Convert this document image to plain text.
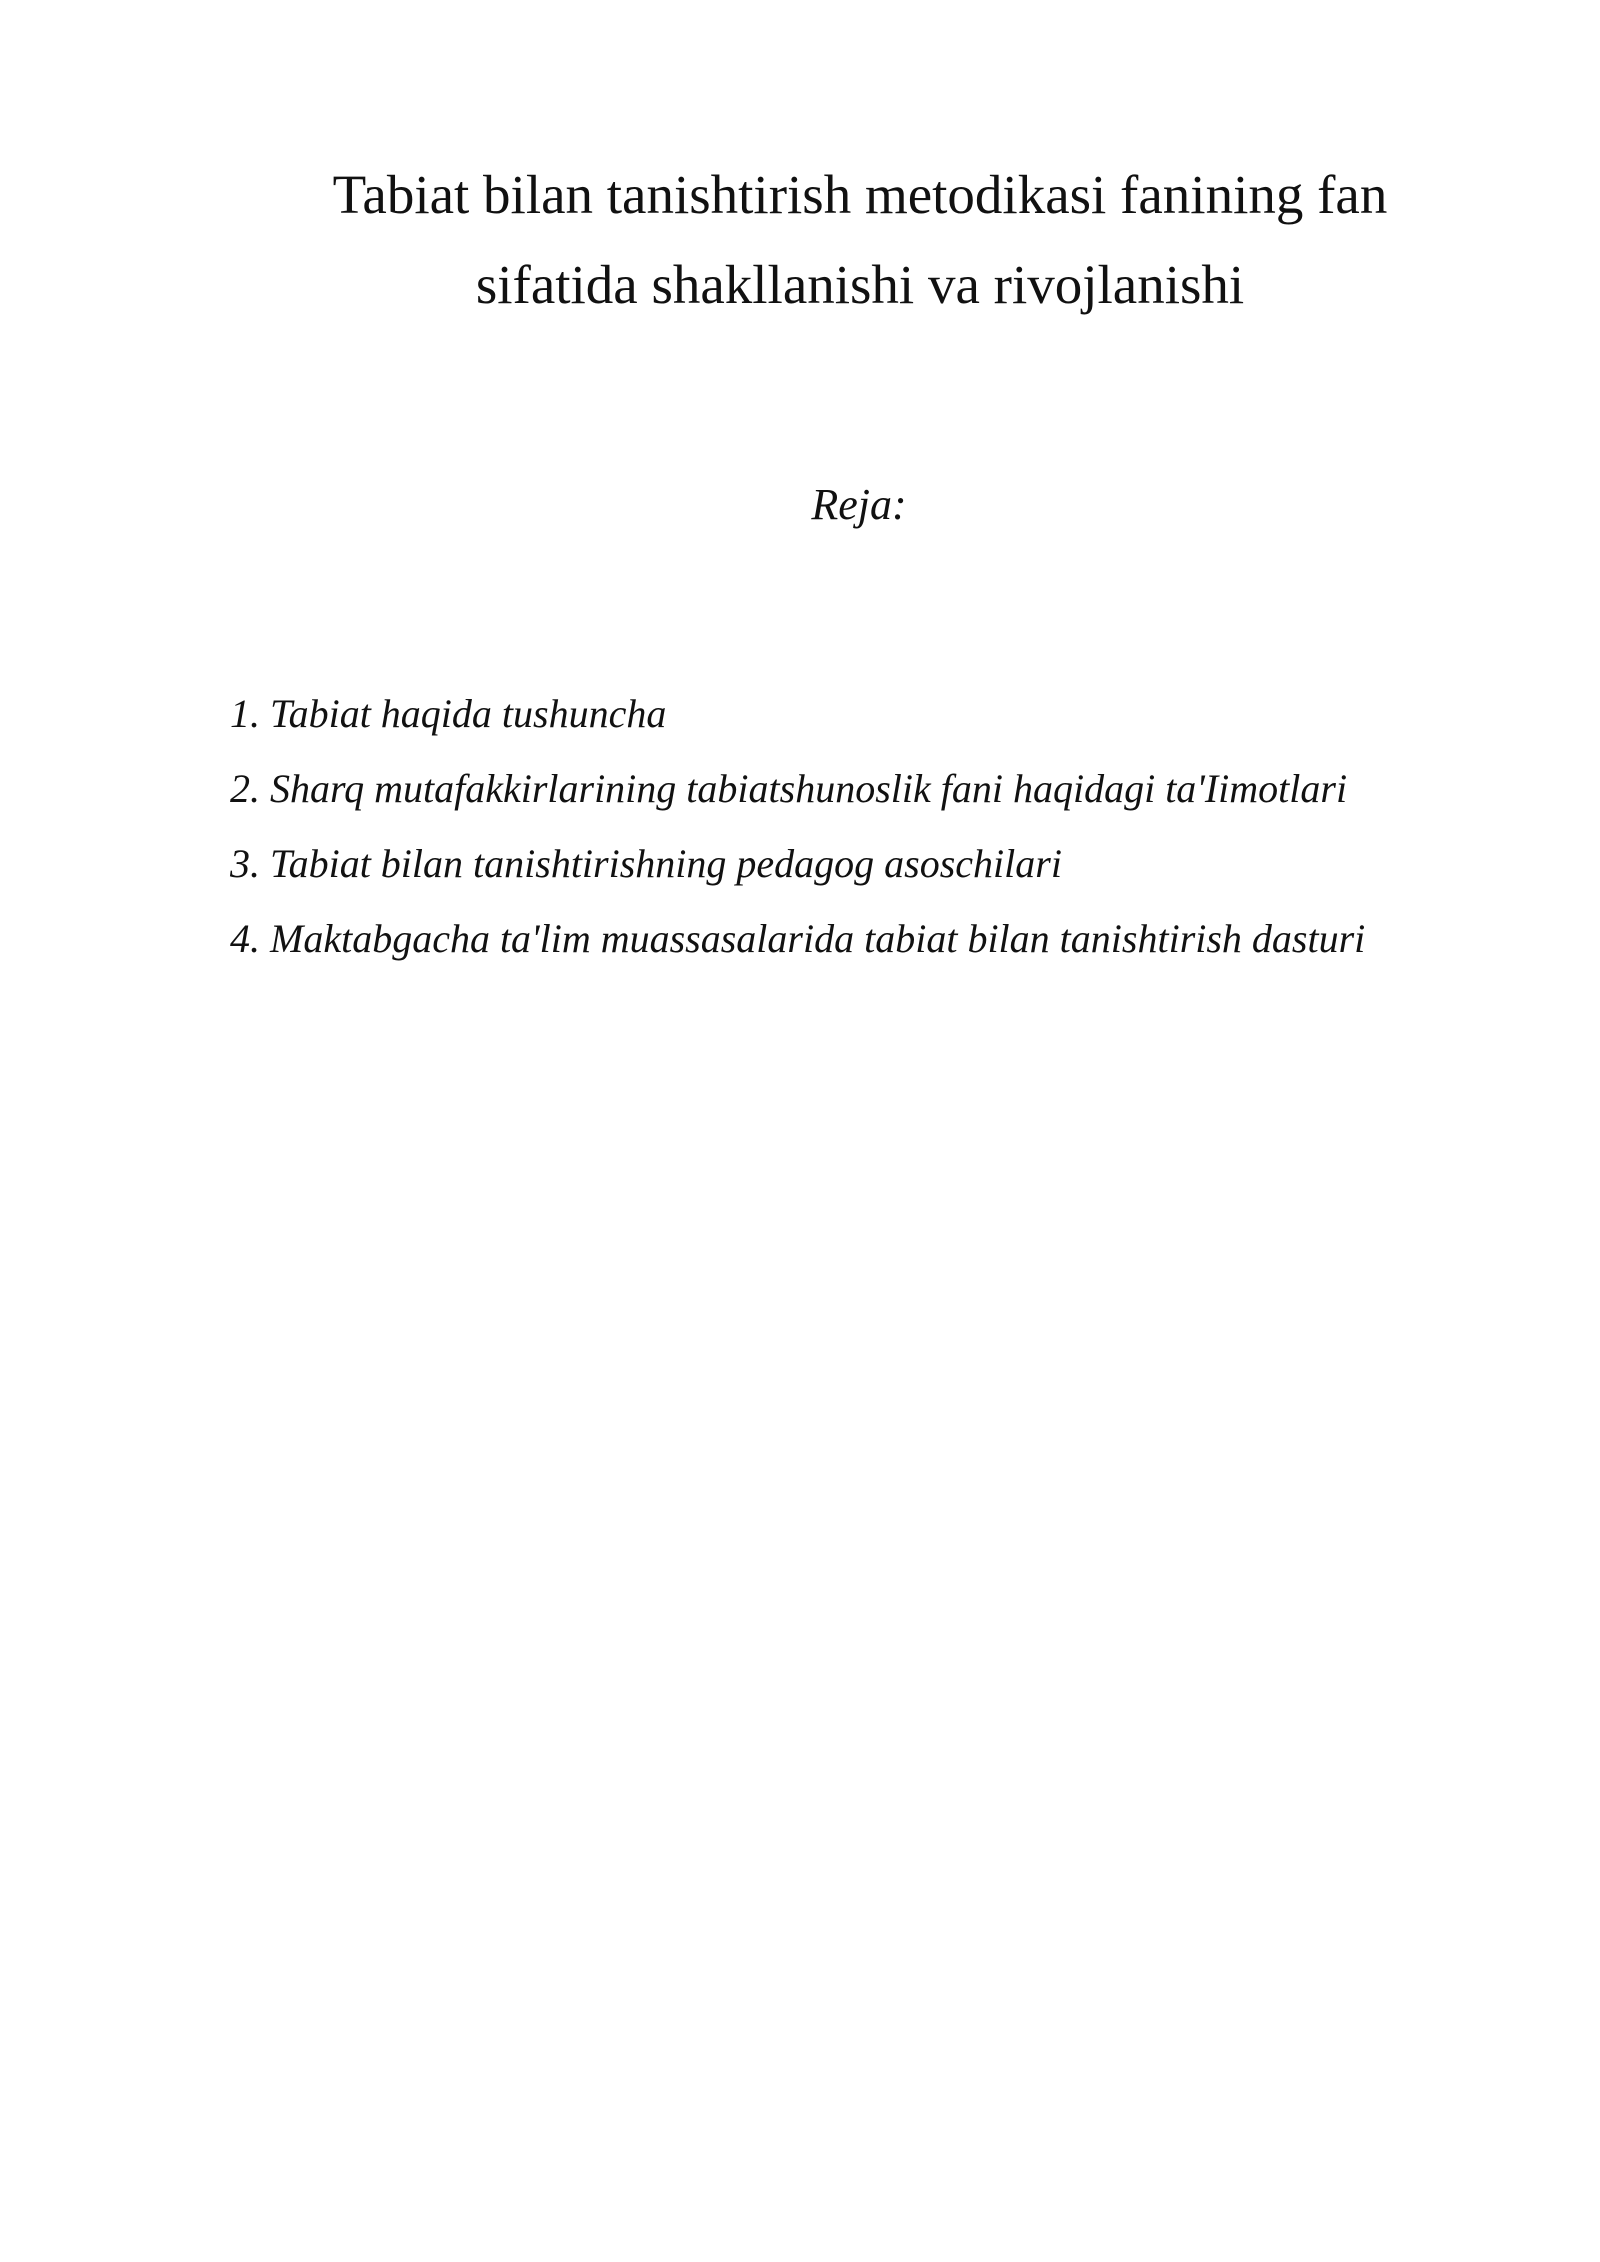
Tabiat bilan tanishtirish metodikasi fanining fan
sifatida shakllanishi va rivojlanishi

Reja:

1. Tabiat haqida tushuncha
2. Sharq mutafakkirlarining tabiatshunoslik fani haqidagi ta'Iimotlari
3. Tabiat bilan tanishtirishning pedagog asoschilari
4. Maktabgacha ta'lim muassasalarida tabiat bilan tanishtirish dasturi
